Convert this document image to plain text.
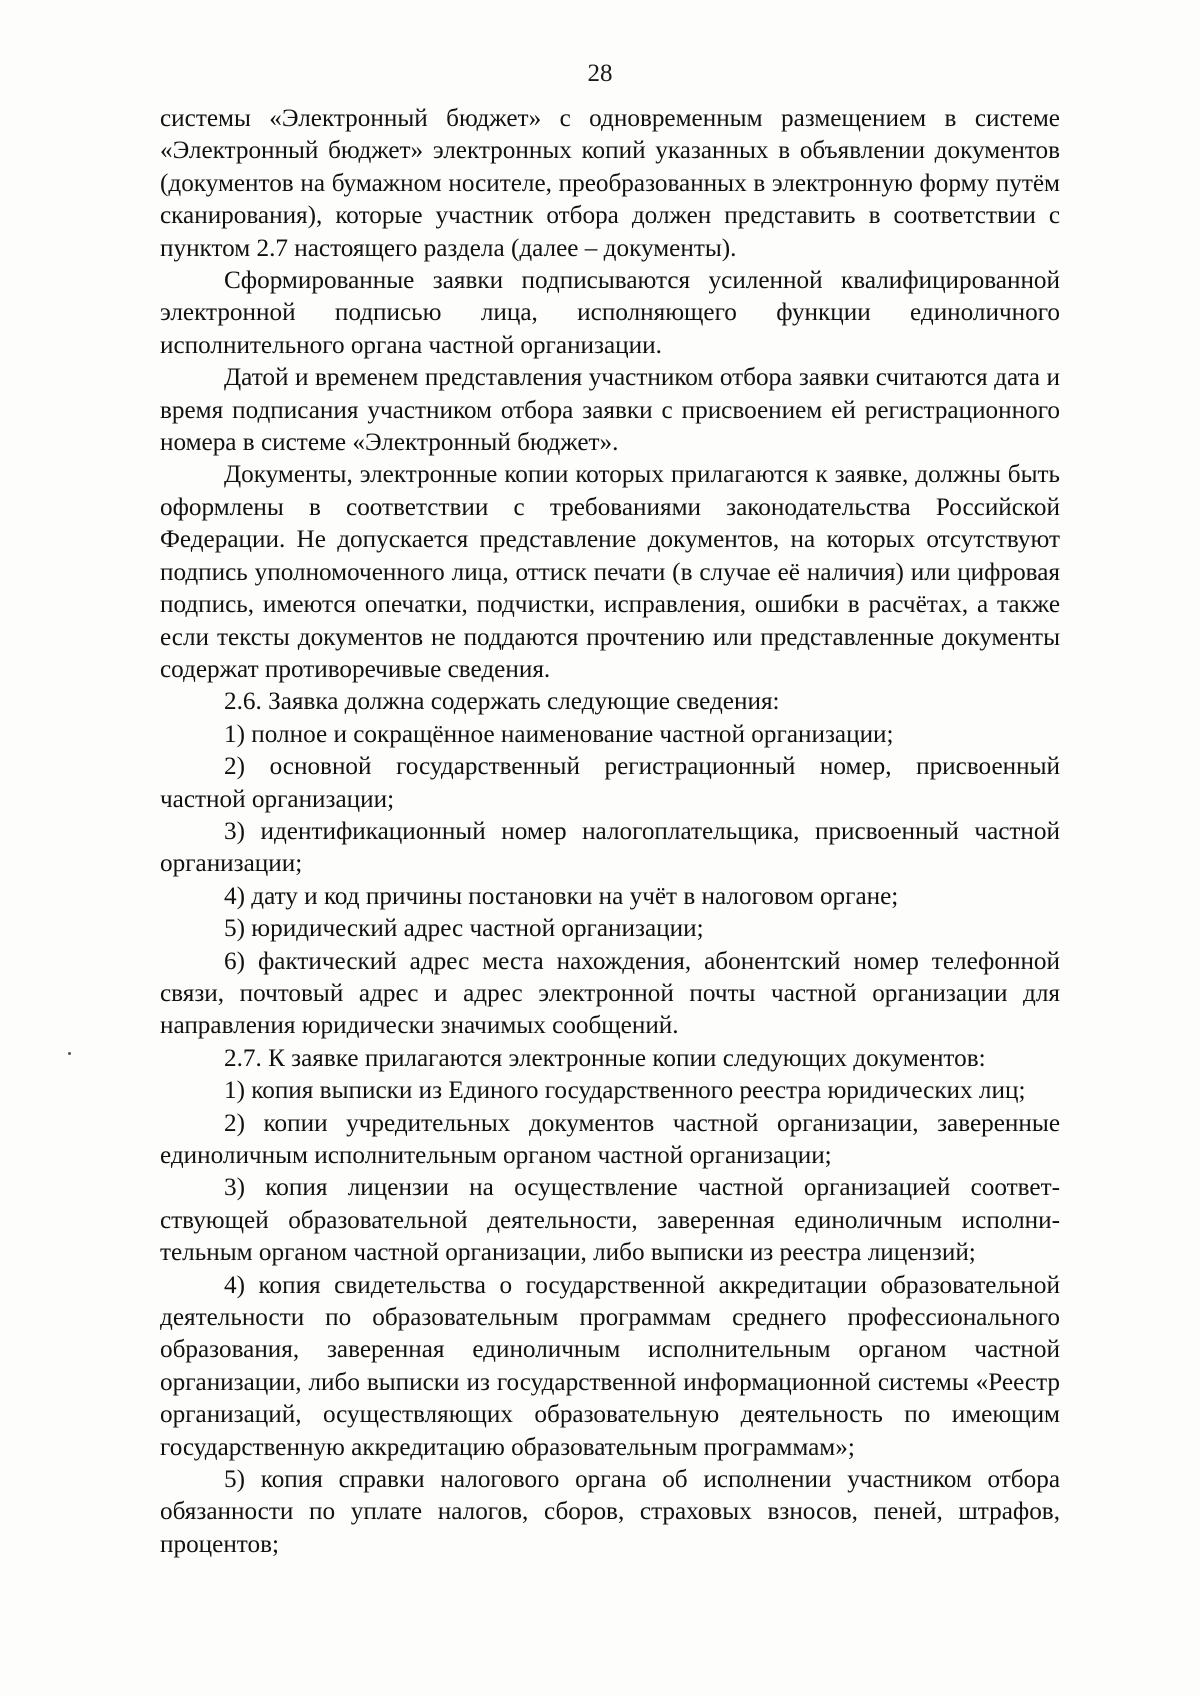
28

системы «Электронный бюджет» с одновременным размещением в системе «Электронный бюджет» электронных копий указанных в объявлении документов (документов на бумажном носителе, преобразованных в электронную форму путём сканирования), которые участник отбора должен представить в соответствии с пунктом 2.7 настоящего раздела (далее – документы).

Сформированные заявки подписываются усиленной квалифицированной электронной подписью лица, исполняющего функции единоличного исполнительного органа частной организации.

Датой и временем представления участником отбора заявки считаются дата и время подписания участником отбора заявки с присвоением ей регистрационного номера в системе «Электронный бюджет».

Документы, электронные копии которых прилагаются к заявке, должны быть оформлены в соответствии с требованиями законодательства Российской Федерации. Не допускается представление документов, на которых отсутствуют подпись уполномоченного лица, оттиск печати (в случае её наличия) или цифровая подпись, имеются опечатки, подчистки, исправления, ошибки в расчётах, а также если тексты документов не поддаются прочтению или представленные документы содержат противоречивые сведения.

2.6. Заявка должна содержать следующие сведения:

1) полное и сокращённое наименование частной организации;

2) основной государственный регистрационный номер, присвоенный частной организации;

3) идентификационный номер налогоплательщика, присвоенный частной организации;

4) дату и код причины постановки на учёт в налоговом органе;

5) юридический адрес частной организации;

6) фактический адрес места нахождения, абонентский номер телефонной связи, почтовый адрес и адрес электронной почты частной организации для направления юридически значимых сообщений.

2.7. К заявке прилагаются электронные копии следующих документов:

1) копия выписки из Единого государственного реестра юридических лиц;

2) копии учредительных документов частной организации, заверенные единоличным исполнительным органом частной организации;

3) копия лицензии на осуществление частной организацией соответствующей образовательной деятельности, заверенная единоличным исполнительным органом частной организации, либо выписки из реестра лицензий;

4) копия свидетельства о государственной аккредитации образовательной деятельности по образовательным программам среднего профессионального образования, заверенная единоличным исполнительным органом частной организации, либо выписки из государственной информационной системы «Реестр организаций, осуществляющих образовательную деятельность по имеющим государственную аккредитацию образовательным программам»;

5) копия справки налогового органа об исполнении участником отбора обязанности по уплате налогов, сборов, страховых взносов, пеней, штрафов, процентов;
